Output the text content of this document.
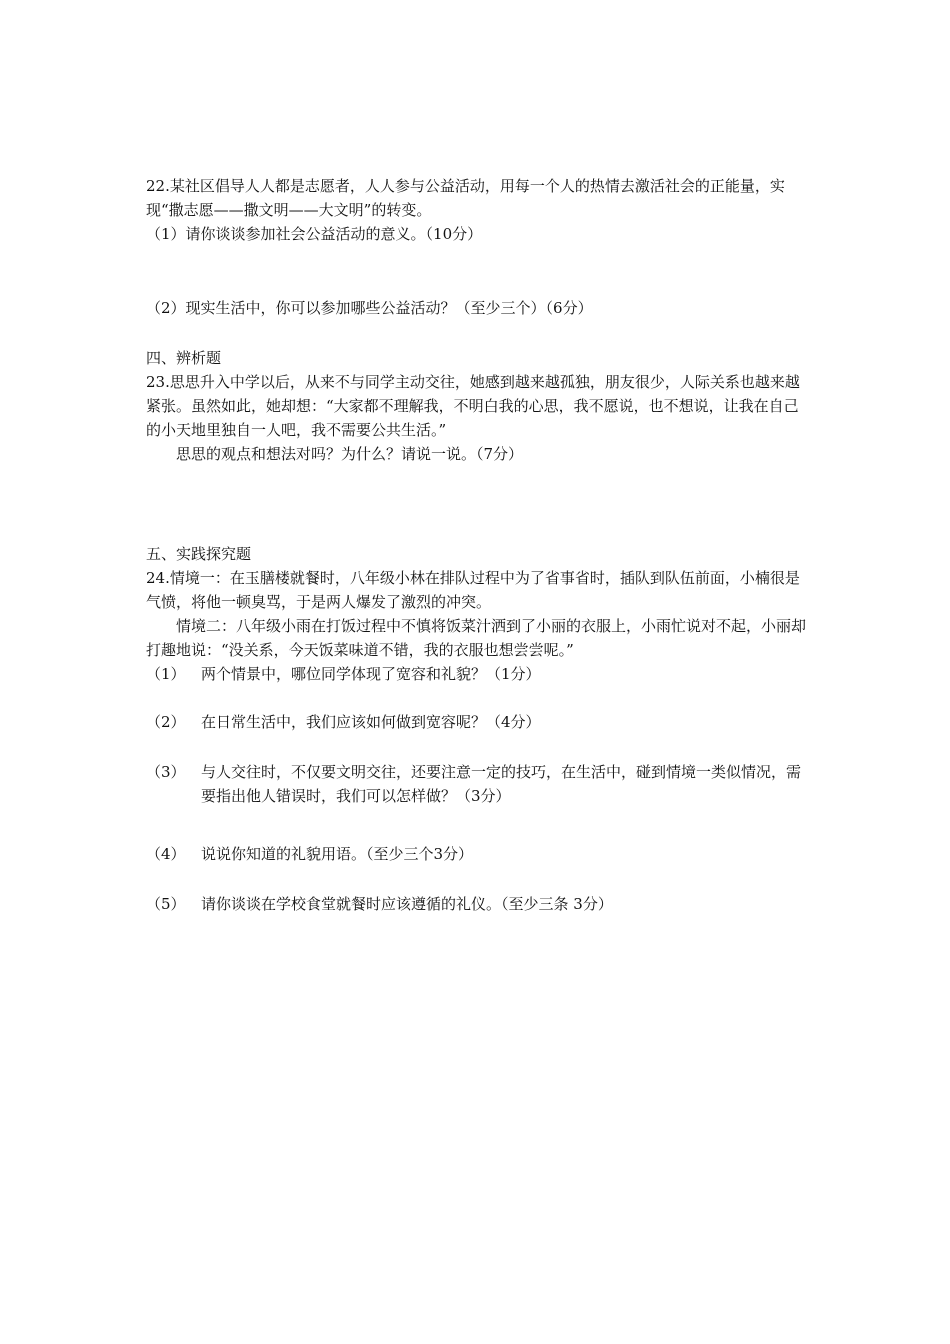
22.某社区倡导人人都是志愿者，人人参与公益活动，用每一个人的热情去激活社会的正能量，实现“撒志愿——撒文明——大文明”的转变。

（1）请你谈谈参加社会公益活动的意义。（10分）

（2）现实生活中，你可以参加哪些公益活动？（至少三个）（6分）

四、辨析题

23.思思升入中学以后，从来不与同学主动交往，她感到越来越孤独，朋友很少，人际关系也越来越紧张。虽然如此，她却想：“大家都不理解我，不明白我的心思，我不愿说，也不想说，让我在自己的小天地里独自一人吧，我不需要公共生活。”

思思的观点和想法对吗？为什么？请说一说。（7分）

五、实践探究题

24.情境一：在玉膳楼就餐时，八年级小林在排队过程中为了省事省时，插队到队伍前面，小楠很是气愤，将他一顿臭骂，于是两人爆发了激烈的冲突。

情境二：八年级小雨在打饭过程中不慎将饭菜汁洒到了小丽的衣服上，小雨忙说对不起，小丽却打趣地说：“没关系，今天饭菜味道不错，我的衣服也想尝尝呢。”

（1）	两个情景中，哪位同学体现了宽容和礼貌？（1分）
（2）	在日常生活中，我们应该如何做到宽容呢？（4分）
（3）	与人交往时，不仅要文明交往，还要注意一定的技巧，在生活中，碰到情境一类似情况，需要指出他人错误时，我们可以怎样做？（3分）
（4）	说说你知道的礼貌用语。（至少三个3分）
（5）	请你谈谈在学校食堂就餐时应该遵循的礼仪。（至少三条 3分）
